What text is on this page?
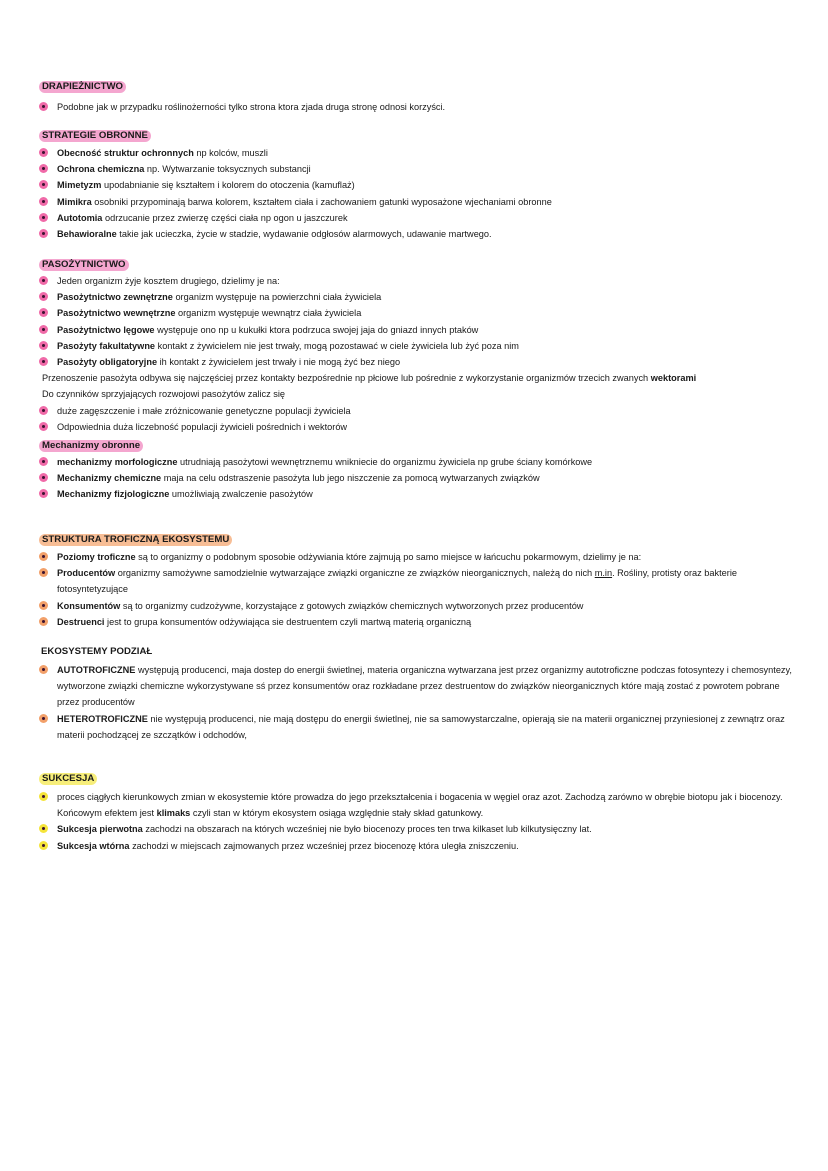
DRAPIEŻNICTWO
Podobne jak w przypadku roślinożerności tylko strona ktora zjada druga stronę odnosi korzyści.
STRATEGIE OBRONNE
Obecność struktur ochronnych np kolców, muszli
Ochrona chemiczna np. Wytwarzanie toksycznych substancji
Mimetyzm upodabnianie się kształtem i kolorem do otoczenia (kamuflaż)
Mimikra osobniki przypominają barwa kolorem, kształtem ciała i zachowaniem gatunki wyposażone wjechaniami obronne
Autotomia odrzucanie przez zwierzę części ciała np ogon u jaszczurek
Behawioralne takie jak ucieczka, życie w stadzie, wydawanie odgłosów alarmowych, udawanie martwego.
PASOŻYTNICTWO
Jeden organizm żyje kosztem drugiego, dzielimy je na:
Pasożytnictwo zewnętrzne organizm występuje na powierzchni ciała żywiciela
Pasożytnictwo wewnętrzne organizm występuje wewnątrz ciała żywiciela
Pasożytnictwo lęgowe występuje ono np u kukułki ktora podrzuca swojej jaja do gniazd innych ptaków
Pasożyty fakultatywne kontakt z żywicielem nie jest trwały, mogą pozostawać w ciele żywiciela lub żyć poza nim
Pasożyty obligatoryjne ih kontakt z żywicielem jest trwały i nie mogą żyć bez niego
Przenoszenie pasożyta odbywa się najczęściej przez kontakty bezpośrednie np płciowe lub pośrednie z wykorzystanie organizmów trzecich zwanych wektorami
Do czynników sprzyjających rozwojowi pasożytów zalicz się
duże zagęszczenie i małe zróżnicowanie genetyczne populacji żywiciela
Odpowiednia duża liczebność populacji żywicieli pośrednich i wektorów
Mechanizmy obronne
mechanizmy morfologiczne utrudniają pasożytowi wewnętrznemu wnikniecie do organizmu żywiciela np grube ściany komórkowe
Mechanizmy chemiczne maja na celu odstraszenie pasożyta lub jego niszczenie za pomocą wytwarzanych związków
Mechanizmy fizjologiczne umożliwiają zwalczenie pasożytów
STRUKTURA TROFICZNĄ EKOSYSTEMU
Poziomy troficzne są to organizmy o podobnym sposobie odżywiania które zajmują po samo miejsce w łańcuchu pokarmowym, dzielimy je na:
Producentów organizmy samożywne samodzielnie wytwarzające związki organiczne ze związków nieorganicznych, należą do nich m.in. Rośliny, protisty oraz bakterie fotosyntetyzujące
Konsumentów są to organizmy cudzożywne, korzystające z gotowych związków chemicznych wytworzonych przez producentów
Destruenci jest to grupa konsumentów odżywiająca sie destruentem czyli martwą materią organiczną
EKOSYSTEMY PODZIAŁ
AUTOTROFICZNE występują producenci, maja dostep do energii świetlnej, materia organiczna wytwarzana jest przez organizmy autotroficzne podczas fotosyntezy i chemosyntezy, wytworzone związki chemiczne wykorzystywane sś przez konsumentów oraz rozkładane przez destruentow do związków nieorganicznych które mają zostać z powrotem pobrane przez producentów
HETEROTROFICZNE nie występują producenci, nie mają dostępu do energii świetlnej, nie sa samowystarczalne, opierają sie na materii organicznej przyniesionej z zewnątrz oraz materii pochodzącej ze szczątków i odchodów,
SUKCESJA
proces ciągłych kierunkowych zmian w ekosystemie które prowadza do jego przekształcenia i bogacenia w węgiel oraz azot. Zachodzą zarówno w obrębie biotopu jak i biocenozy. Końcowym efektem jest klimaks czyli stan w którym ekosystem osiąga względnie stały skład gatunkowy.
Sukcesja pierwotna zachodzi na obszarach na których wcześniej nie było biocenozy proces ten trwa kilkaset lub kilkutysięczny lat.
Sukcesja wtórna zachodzi w miejscach zajmowanych przez wcześniej przez biocenozę która uległa zniszczeniu.
